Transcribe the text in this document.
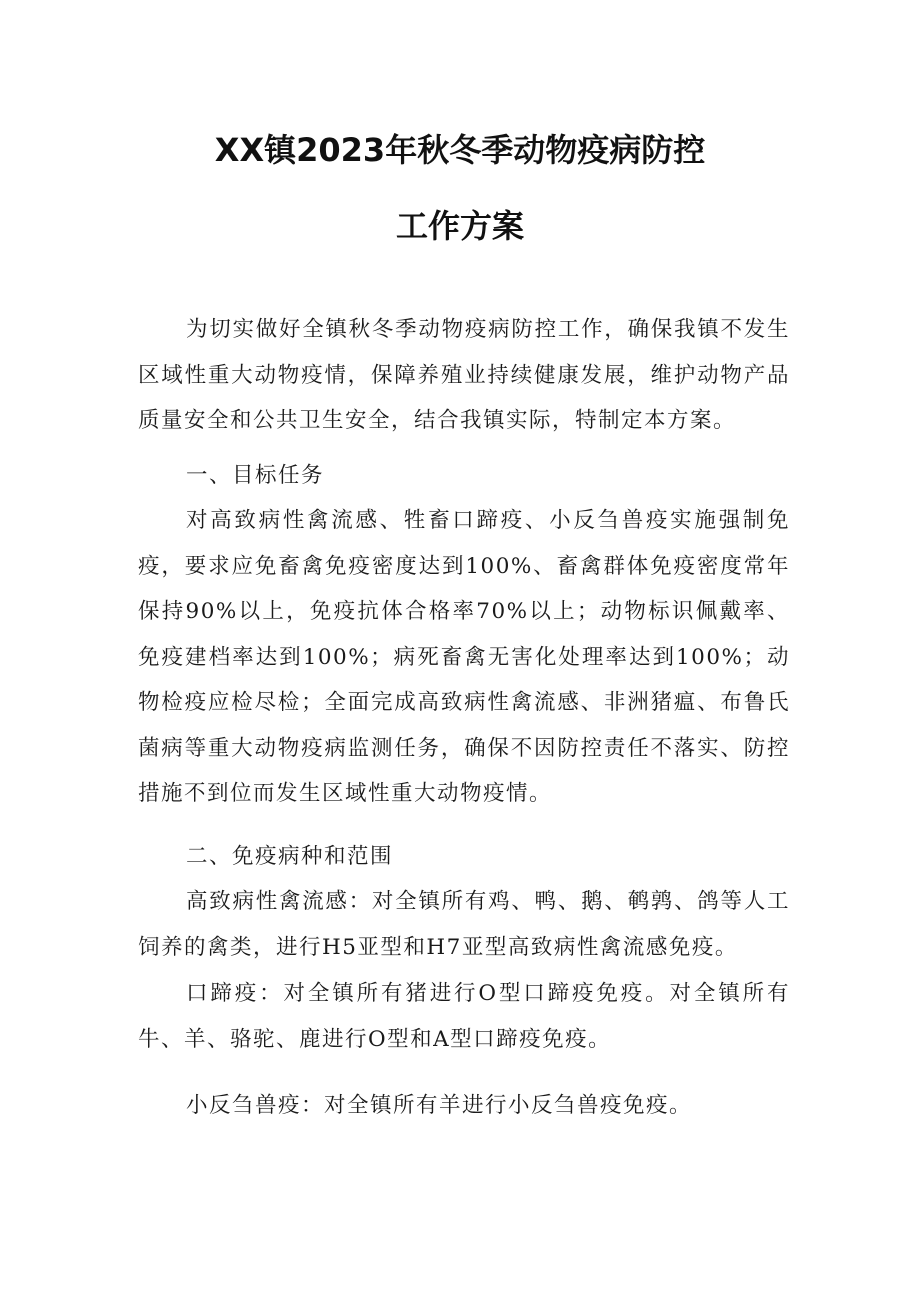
XX镇2023年秋冬季动物疫病防控
工作方案

为切实做好全镇秋冬季动物疫病防控工作，确保我镇不发生区域性重大动物疫情，保障养殖业持续健康发展，维护动物产品质量安全和公共卫生安全，结合我镇实际，特制定本方案。

一、目标任务

对高致病性禽流感、牲畜口蹄疫、小反刍兽疫实施强制免疫，要求应免畜禽免疫密度达到100%、畜禽群体免疫密度常年保持90%以上，免疫抗体合格率70%以上；动物标识佩戴率、免疫建档率达到100%；病死畜禽无害化处理率达到100%；动物检疫应检尽检；全面完成高致病性禽流感、非洲猪瘟、布鲁氏菌病等重大动物疫病监测任务，确保不因防控责任不落实、防控措施不到位而发生区域性重大动物疫情。

二、免疫病种和范围

高致病性禽流感：对全镇所有鸡、鸭、鹅、鹌鹑、鸽等人工饲养的禽类，进行H5亚型和H7亚型高致病性禽流感免疫。

口蹄疫：对全镇所有猪进行O型口蹄疫免疫。对全镇所有牛、羊、骆驼、鹿进行O型和A型口蹄疫免疫。

小反刍兽疫：对全镇所有羊进行小反刍兽疫免疫。
